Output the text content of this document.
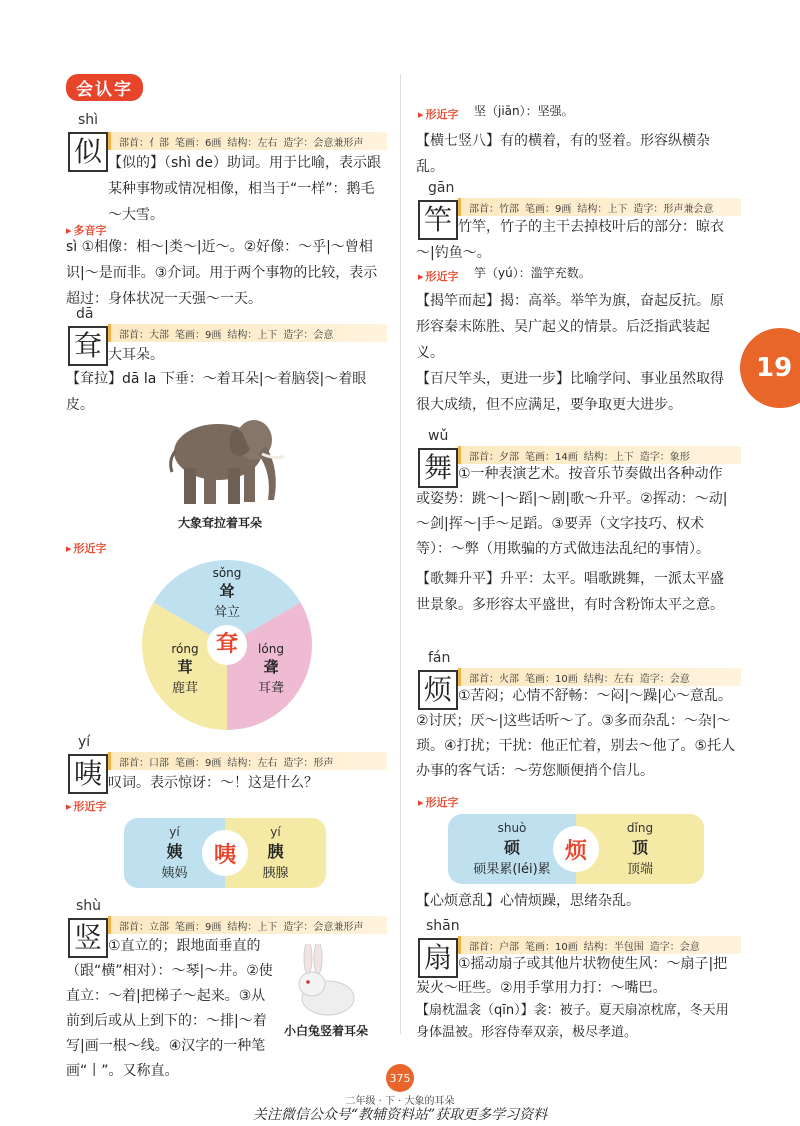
会认字
19
shì
似	部首：亻部 笔画：6画 结构：左右 造字：会意兼形声
【似的】（shì de）助词。用于比喻，表示跟某种事物或情况相像，相当于“一样”：鹅毛～大雪。
▸ 多音字
sì ①相像：相～|类～|近～。②好像：～乎|～曾相识|～是而非。③介词。用于两个事物的比较，表示超过：身体状况一天强～一天。
dā
耷	部首：大部 笔画：9画 结构：上下 造字：会意
大耳朵。
【耷拉】dā la 下垂：～着耳朵|～着脑袋|～着眼皮。
大象耷拉着耳朵
▸ 形近字
耷
sǒng
耸
耸立
róng
茸
鹿茸
lóng
聋
耳聋
yí
咦	部首：口部 笔画：9画 结构：左右 造字：形声
叹词。表示惊讶：～！这是什么？
▸ 形近字
yí
姨
姨妈
yí
胰
胰腺
咦
shù
竖	部首：立部 笔画：9画 结构：上下 造字：会意兼形声
①直立的；跟地面垂直的（跟“横”相对）：～琴|～井。②使直立：～着|把梯子～起来。③从前到后或从上到下的：～排|～着写|画一根～线。④汉字的一种笔画“丨”。又称直。
小白兔竖着耳朵
▸ 形近字 坚（jiān）：坚强。
【横七竖八】有的横着，有的竖着。形容纵横杂乱。
gān
竿	部首：竹部 笔画：9画 结构：上下 造字：形声兼会意
竹竿，竹子的主干去掉枝叶后的部分：晾衣～|钓鱼～。
▸ 形近字 竽（yú）：滥竽充数。
【揭竿而起】揭：高举。举竿为旗，奋起反抗。原形容秦末陈胜、吴广起义的情景。后泛指武装起义。
【百尺竿头，更进一步】比喻学问、事业虽然取得很大成绩，但不应满足，要争取更大进步。
wǔ
舞	部首：夕部 笔画：14画 结构：上下 造字：象形
①一种表演艺术。按音乐节奏做出各种动作或姿势：跳～|～蹈|～剧|歌～升平。②挥动：～动|～剑|挥～|手～足蹈。③要弄（文字技巧、权术等）：～弊（用欺骗的方式做违法乱纪的事情）。
【歌舞升平】升平：太平。唱歌跳舞，一派太平盛世景象。多形容太平盛世，有时含粉饰太平之意。
fán
烦	部首：火部 笔画：10画 结构：左右 造字：会意
①苦闷；心情不舒畅：～闷|～躁|心～意乱。②讨厌；厌～|这些话听～了。③多而杂乱：～杂|～琐。④打扰；干扰：他正忙着，别去～他了。⑤托人办事的客气话：～劳您顺便捎个信儿。
▸ 形近字
shuò
硕
硕果累(léi)累
dǐng
顶
顶端
烦
【心烦意乱】心情烦躁，思绪杂乱。
shān
扇	部首：户部 笔画：10画 结构：半包围 造字：会意
①摇动扇子或其他片状物使生风：～扇子|把炭火～旺些。②用手掌用力打：～嘴巴。
【扇枕温衾（qīn）】衾：被子。夏天扇凉枕席，冬天用身体温被。形容侍奉双亲，极尽孝道。
375
二年级 · 下 · 大象的耳朵
关注微信公众号“教辅资料站”获取更多学习资料
